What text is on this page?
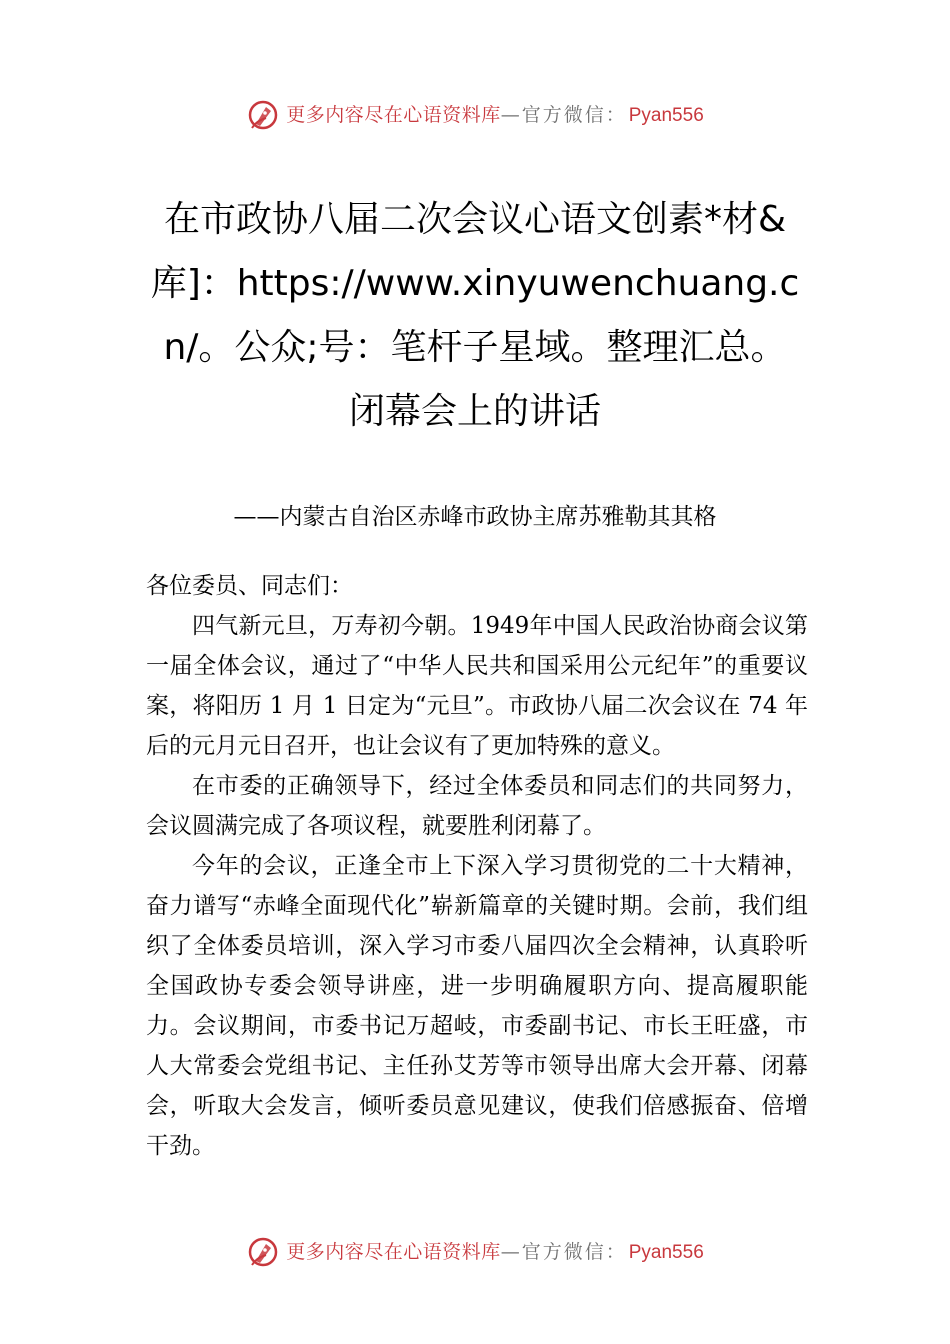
更多内容尽在心语资料库 —官方微信： Pyan556
在市政协八届二次会议心语文创素*材&库]：https://www.xinyuwenchuang.cn/。公众;号：笔杆子星域。整理汇总。闭幕会上的讲话
——内蒙古自治区赤峰市政协主席苏雅勒其其格

各位委员、同志们：

四气新元旦，万寿初今朝。1949年中国人民政治协商会议第一届全体会议，通过了“中华人民共和国采用公元纪年”的重要议案，将阳历 1 月 1 日定为“元旦”。市政协八届二次会议在 74 年后的元月元日召开，也让会议有了更加特殊的意义。

在市委的正确领导下，经过全体委员和同志们的共同努力，会议圆满完成了各项议程，就要胜利闭幕了。

今年的会议，正逢全市上下深入学习贯彻党的二十大精神，奋力谱写“赤峰全面现代化”崭新篇章的关键时期。会前，我们组织了全体委员培训，深入学习市委八届四次全会精神，认真聆听全国政协专委会领导讲座，进一步明确履职方向、提高履职能力。会议期间，市委书记万超岐，市委副书记、市长王旺盛，市人大常委会党组书记、主任孙艾芳等市领导出席大会开幕、闭幕会，听取大会发言，倾听委员意见建议，使我们倍感振奋、倍增干劲。

更多内容尽在心语资料库 —官方微信： Pyan556
